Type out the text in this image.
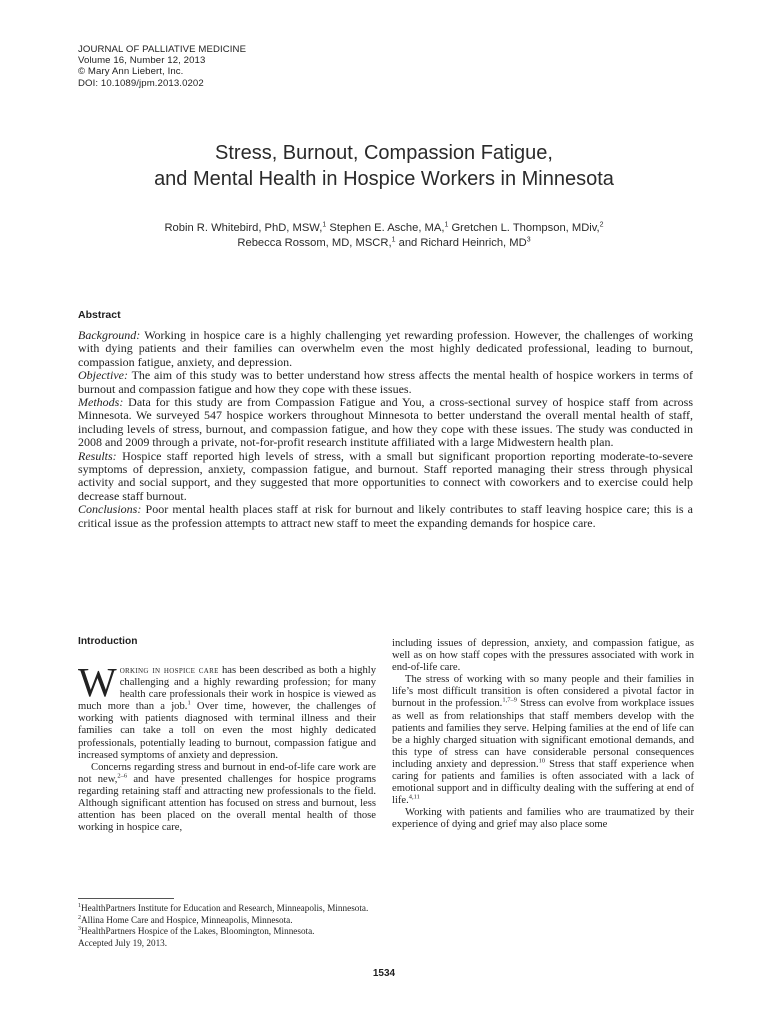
JOURNAL OF PALLIATIVE MEDICINE
Volume 16, Number 12, 2013
© Mary Ann Liebert, Inc.
DOI: 10.1089/jpm.2013.0202
Stress, Burnout, Compassion Fatigue,
and Mental Health in Hospice Workers in Minnesota
Robin R. Whitebird, PhD, MSW,$^1$ Stephen E. Asche, MA,$^1$ Gretchen L. Thompson, MDiv,$^2$
Rebecca Rossom, MD, MSCR,$^1$ and Richard Heinrich, $MD^3$
Abstract

Background: Working in hospice care is a highly challenging yet rewarding profession. However, the challenges of working with dying patients and their families can overwhelm even the most highly dedicated professional, leading to burnout, compassion fatigue, anxiety, and depression.

Objective: The aim of this study was to better understand how stress affects the mental health of hospice workers in terms of burnout and compassion fatigue and how they cope with these issues.

Methods: Data for this study are from Compassion Fatigue and You, a cross-sectional survey of hospice staff from across Minnesota. We surveyed 547 hospice workers throughout Minnesota to better understand the overall mental health of staff, including levels of stress, burnout, and compassion fatigue, and how they cope with these issues. The study was conducted in 2008 and 2009 through a private, not-for-profit research institute affiliated with a large Midwestern health plan.

Results: Hospice staff reported high levels of stress, with a small but significant proportion reporting moderate-to-severe symptoms of depression, anxiety, compassion fatigue, and burnout. Staff reported managing their stress through physical activity and social support, and they suggested that more opportunities to connect with coworkers and to exercise could help decrease staff burnout.

Conclusions: Poor mental health places staff at risk for burnout and likely contributes to staff leaving hospice care; this is a critical issue as the profession attempts to attract new staff to meet the expanding demands for hospice care.

Introduction

Working in hospice care has been described as both a highly challenging and a highly rewarding profession; for many health care professionals their work in hospice is viewed as much more than a job.$^1$ Over time, however, the challenges of working with patients diagnosed with terminal illness and their families can take a toll on even the most highly dedicated professionals, potentially leading to burnout, compassion fatigue and increased symptoms of anxiety and depression.

Concerns regarding stress and burnout in end-of-life care work are not new,$^{2-6}$ and have presented challenges for hospice programs regarding retaining staff and attracting new professionals to the field. Although significant attention has focused on stress and burnout, less attention has been placed on the overall mental health of those working in hospice care,

including issues of depression, anxiety, and compassion fatigue, as well as on how staff copes with the pressures associated with work in end-of-life care.

The stress of working with so many people and their families in life’s most difficult transition is often considered a pivotal factor in burnout in the profession.$^{1,7-9}$ Stress can evolve from workplace issues as well as from relationships that staff members develop with the patients and families they serve. Helping families at the end of life can be a highly charged situation with significant emotional demands, and this type of stress can have considerable personal consequences including anxiety and depression.$^{10}$ Stress that staff experience when caring for patients and families is often associated with a lack of emotional support and in difficulty dealing with the suffering at end of life.$^{4,11}$

Working with patients and families who are traumatized by their experience of dying and grief may also place some

$^1$HealthPartners Institute for Education and Research, Minneapolis, Minnesota.
$^2$Allina Home Care and Hospice, Minneapolis, Minnesota.
$^3$HealthPartners Hospice of the Lakes, Bloomington, Minnesota.
Accepted July 19, 2013.
1534
